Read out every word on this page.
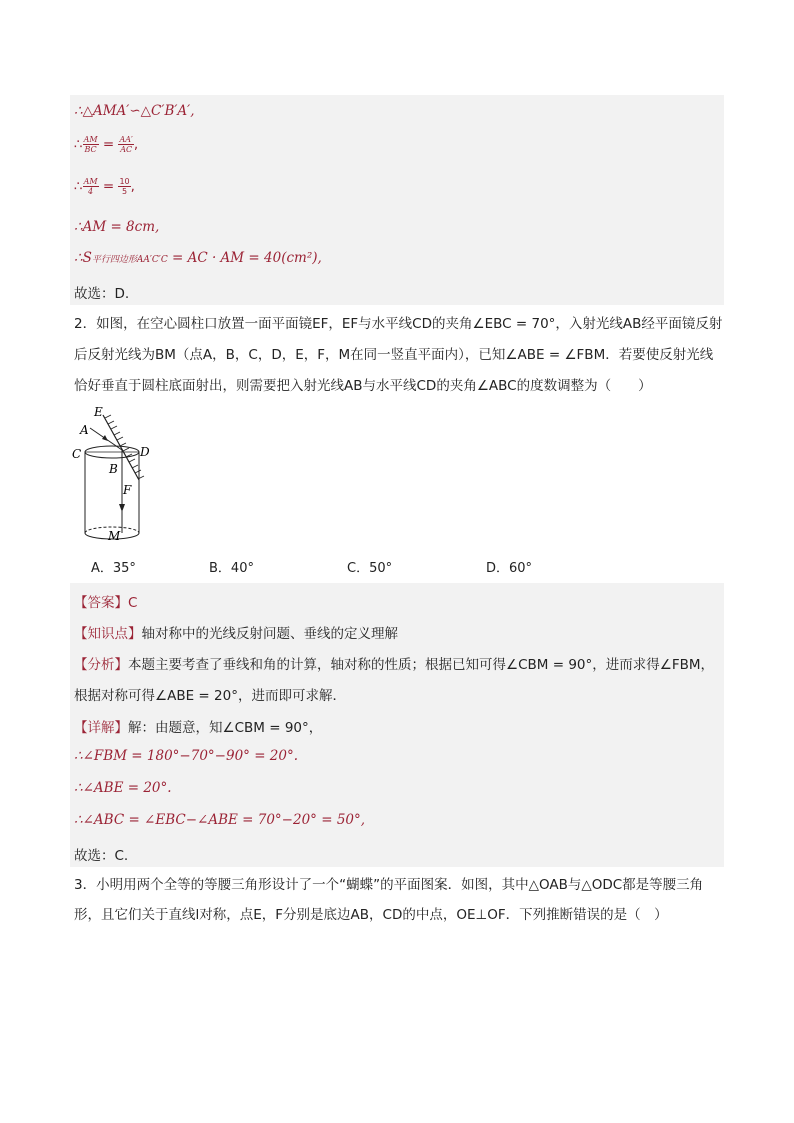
∴△AMA′∽△C′B′A′,
∴ $\frac{AM}{BC} = \frac{AA'}{AC}$ ,
∴ $\frac{AM}{4} = \frac{10}{5}$ ,
∴AM = 8cm,
∴S平行四边形AA′C′C = AC · AM = 40(cm²),
故选：D.
2．如图，在空心圆柱口放置一面平面镜EF，EF与水平线CD的夹角∠EBC = 70°，入射光线AB经平面镜反射
后反射光线为BM（点A，B，C，D，E，F，M在同一竖直平面内），已知∠ABE = ∠FBM．若要使反射光线
恰好垂直于圆柱底面射出，则需要把入射光线AB与水平线CD的夹角∠ABC的度数调整为（　　）
E
A
C	D
B
F
M
A．35°	B．40°	C．50°	D．60°
【答案】C
【知识点】轴对称中的光线反射问题、垂线的定义理解
【分析】本题主要考查了垂线和角的计算，轴对称的性质；根据已知可得∠CBM = 90°，进而求得∠FBM，
根据对称可得∠ABE = 20°，进而即可求解．
【详解】解：由题意，知∠CBM = 90°，
∴∠FBM = 180°−70°−90° = 20°.
∴∠ABE = 20°.
∴∠ABC = ∠EBC−∠ABE = 70°−20° = 50°,
故选：C.
3．小明用两个全等的等腰三角形设计了一个“蝴蝶”的平面图案．如图，其中△OAB与△ODC都是等腰三角
形，且它们关于直线l对称，点E，F分别是底边AB，CD的中点，OE⊥OF．下列推断错误的是（　）
